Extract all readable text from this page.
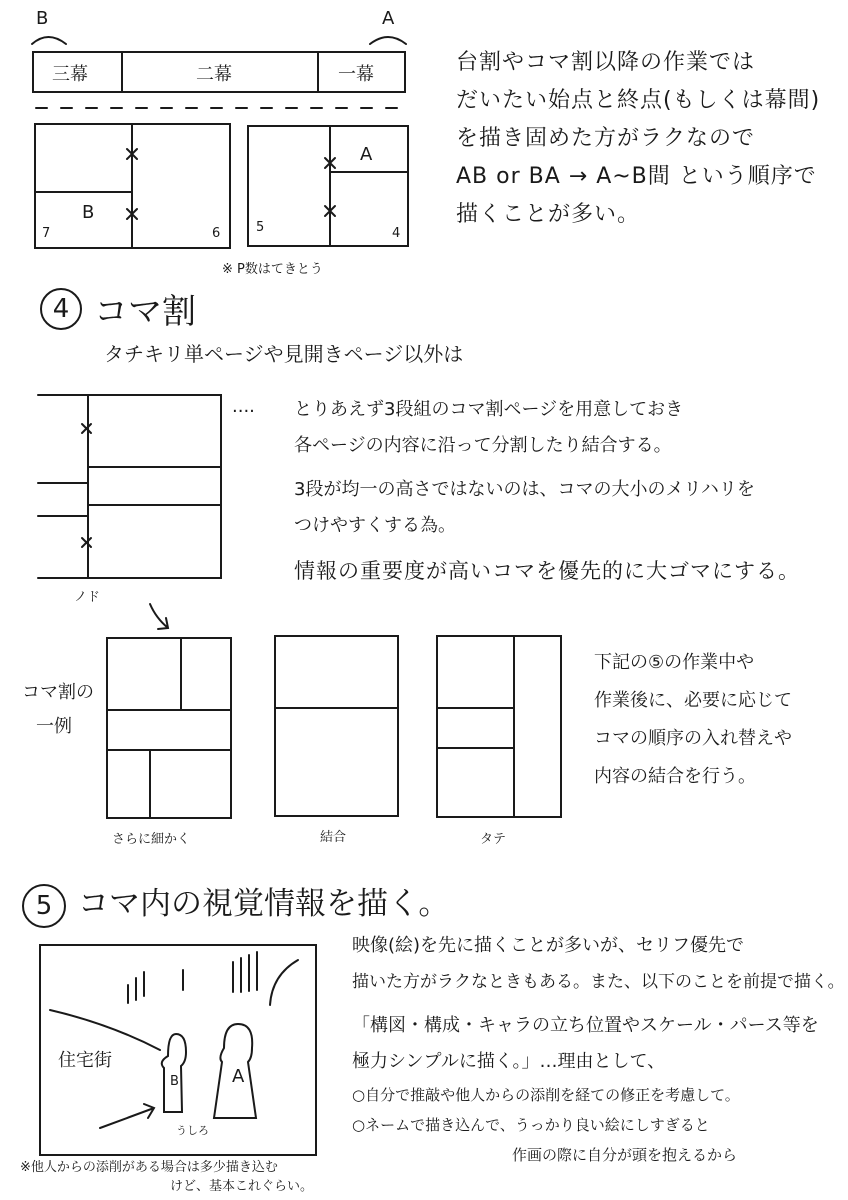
B	A
三幕	二幕	一幕
B
7	6
A
5	4
※ P数はてきとう
台割やコマ割以降の作業では
だいたい始点と終点(もしくは幕間)
を描き固めた方がラクなので
AB or BA → A~B間 という順序で
描くことが多い。
4 コマ割
タチキリ単ページや見開きページ以外は
ノド
.... とりあえず3段組のコマ割ページを用意しておき
各ページの内容に沿って分割したり結合する。
3段が均一の高さではないのは、コマの大小のメリハリを
つけやすくする為。
情報の重要度が高いコマを優先的に大ゴマにする。
コマ割の
一例
さらに細かく	結合	タテ
下記の⑤の作業中や
作業後に、必要に応じて
コマの順序の入れ替えや
内容の結合を行う。
5 コマ内の視覚情報を描く。
住宅街
B	A
うしろ
※他人からの添削がある場合は多少描き込む
けど、基本これぐらい。
映像(絵)を先に描くことが多いが、セリフ優先で
描いた方がラクなときもある。また、以下のことを前提で描く。
「構図・構成・キャラの立ち位置やスケール・パース等を
極力シンプルに描く。」…理由として、
○自分で推敲や他人からの添削を経ての修正を考慮して。
○ネームで描き込んで、うっかり良い絵にしすぎると
作画の際に自分が頭を抱えるから
